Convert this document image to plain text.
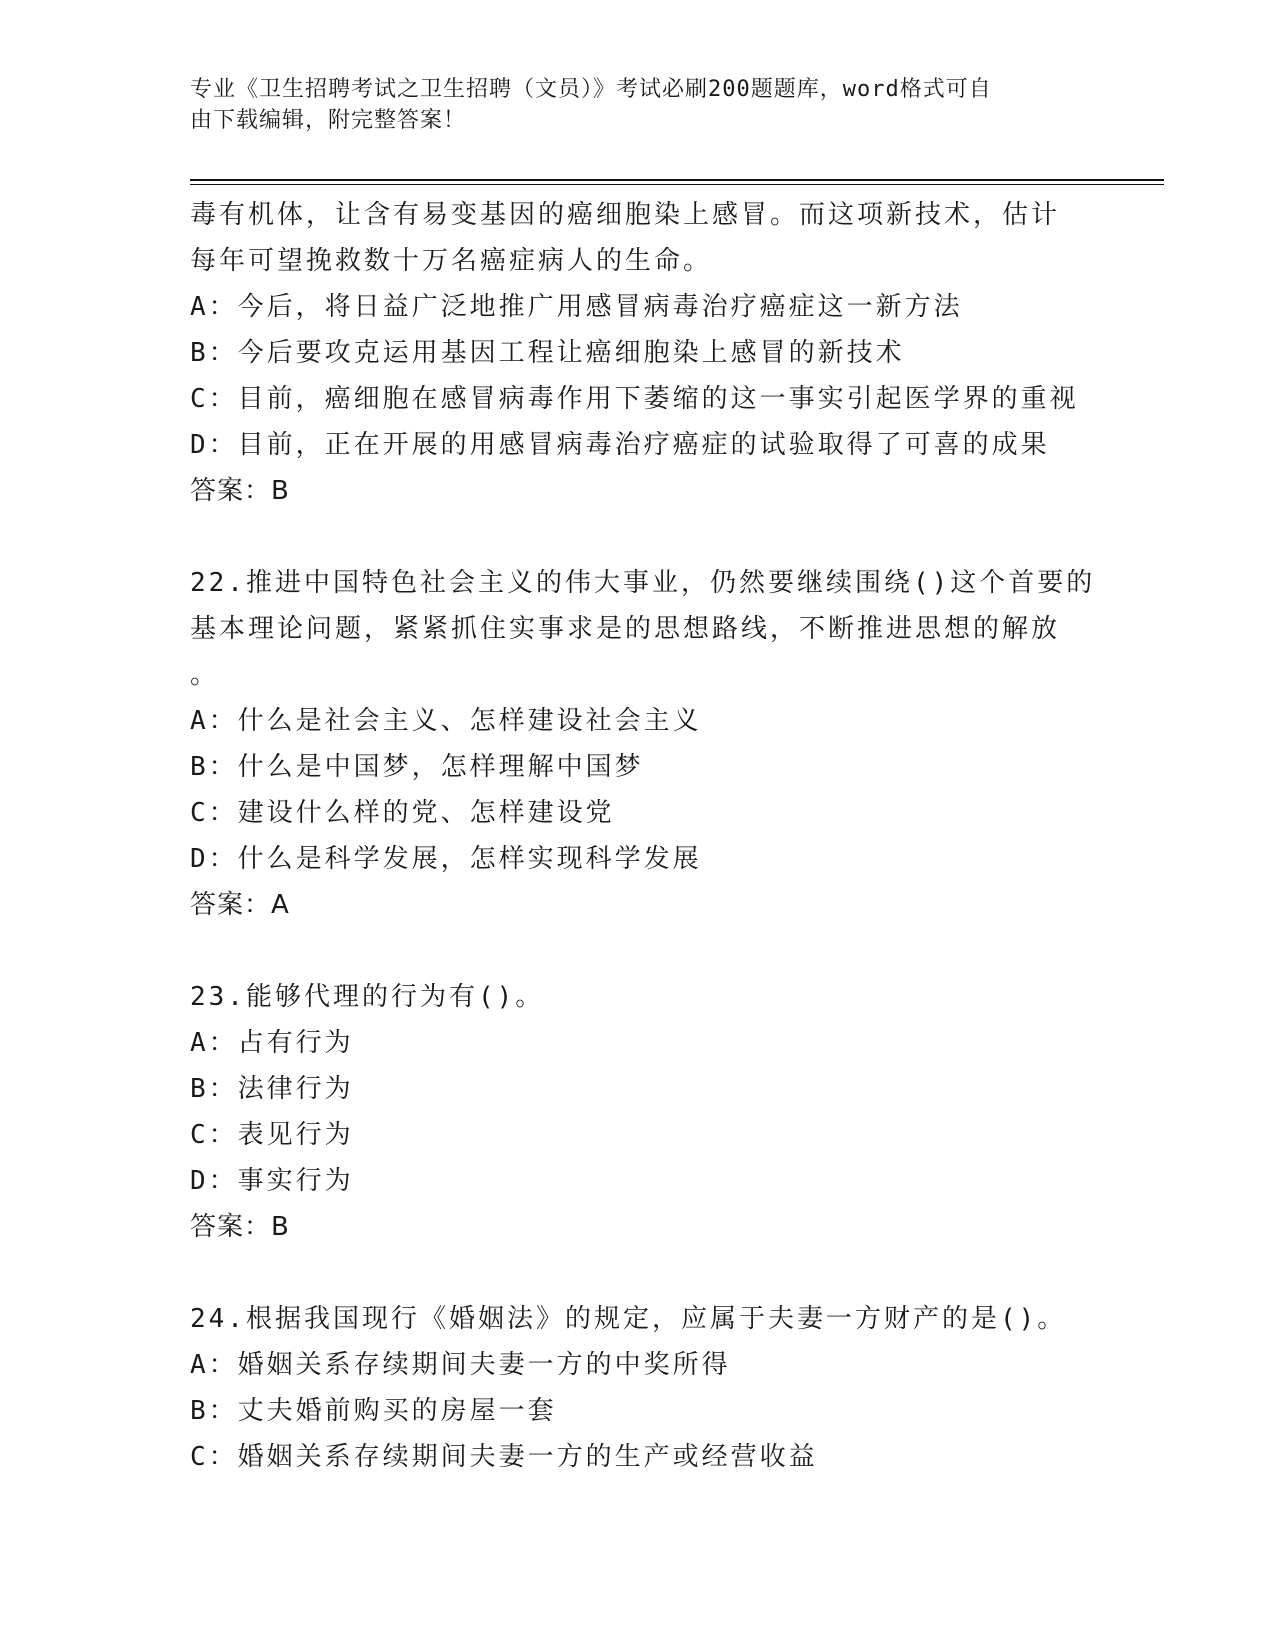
专业《卫生招聘考试之卫生招聘（文员）》考试必刷200题题库，word格式可自
由下载编辑，附完整答案！
毒有机体，让含有易变基因的癌细胞染上感冒。而这项新技术，估计
每年可望挽救数十万名癌症病人的生命。
A：今后，将日益广泛地推广用感冒病毒治疗癌症这一新方法
B：今后要攻克运用基因工程让癌细胞染上感冒的新技术
C：目前，癌细胞在感冒病毒作用下萎缩的这一事实引起医学界的重视
D：目前，正在开展的用感冒病毒治疗癌症的试验取得了可喜的成果
答案：B
22.推进中国特色社会主义的伟大事业，仍然要继续围绕()这个首要的
基本理论问题，紧紧抓住实事求是的思想路线，不断推进思想的解放
。
A：什么是社会主义、怎样建设社会主义
B：什么是中国梦，怎样理解中国梦
C：建设什么样的党、怎样建设党
D：什么是科学发展，怎样实现科学发展
答案：A
23.能够代理的行为有()。
A：占有行为
B：法律行为
C：表见行为
D：事实行为
答案：B
24.根据我国现行《婚姻法》的规定，应属于夫妻一方财产的是()。
A：婚姻关系存续期间夫妻一方的中奖所得
B：丈夫婚前购买的房屋一套
C：婚姻关系存续期间夫妻一方的生产或经营收益
